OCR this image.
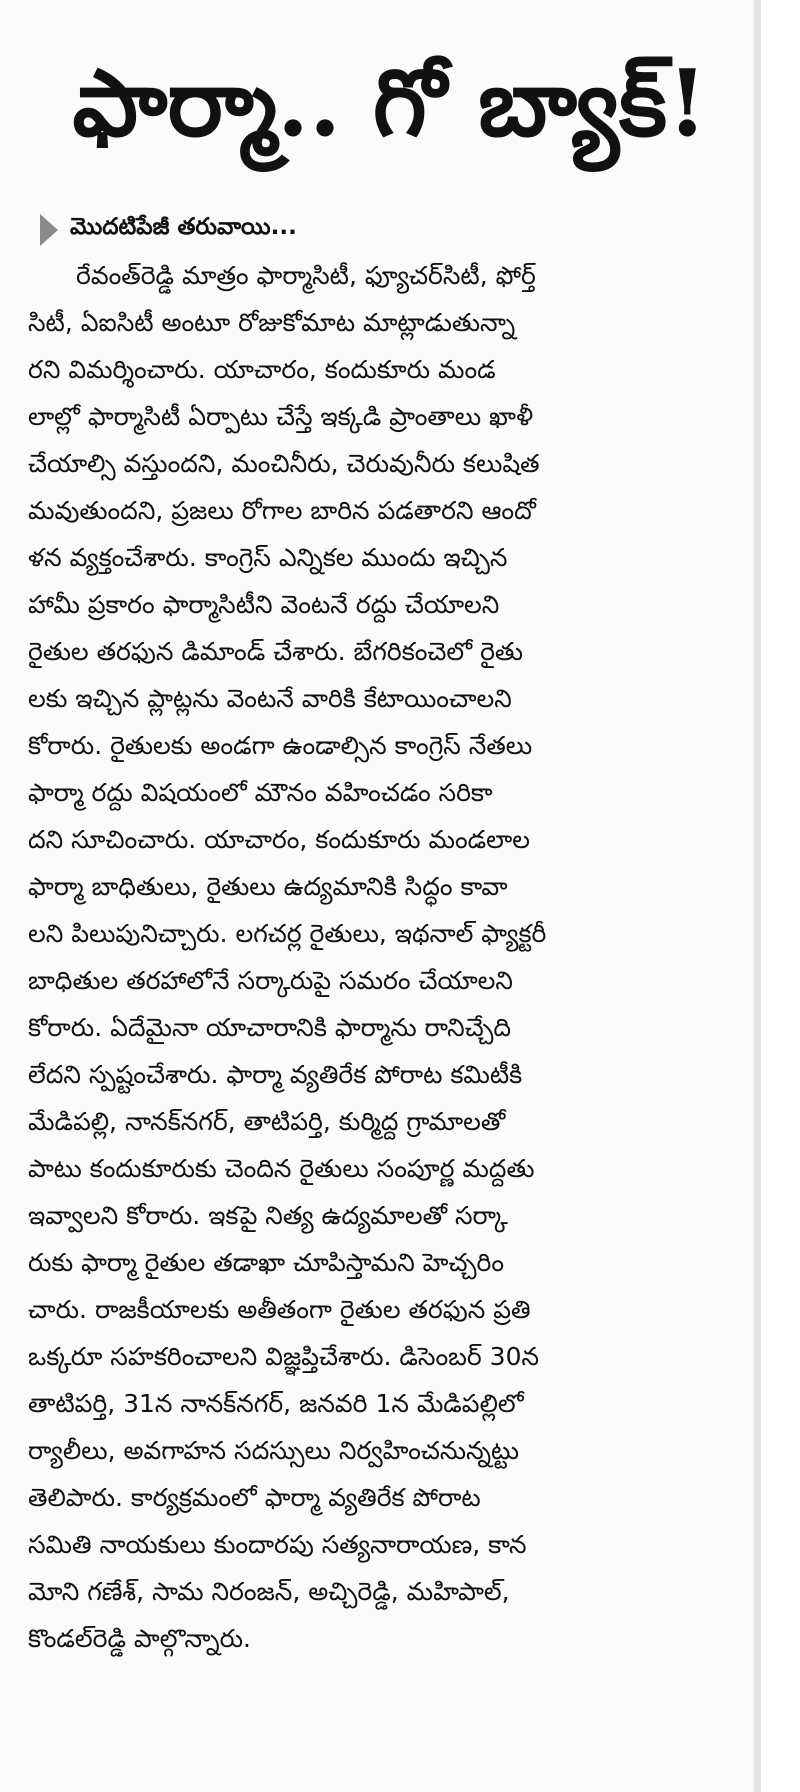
ఫార్మా.. గో బ్యాక్!
మొదటిపేజీ తరువాయి...
రేవంత్‌రెడ్డి మాత్రం ఫార్మాసిటీ, ఫ్యూచర్‌సిటీ, ఫోర్త్
సిటీ, ఏఐసిటీ అంటూ రోజుకోమాట మాట్లాడుతున్నా
రని విమర్శించారు. యాచారం, కందుకూరు మండ
లాల్లో ఫార్మాసిటీ ఏర్పాటు చేస్తే ఇక్కడి ప్రాంతాలు ఖాళీ
చేయాల్సి వస్తుందని, మంచినీరు, చెరువునీరు కలుషిత
మవుతుందని, ప్రజలు రోగాల బారిన పడతారని ఆందో
ళన వ్యక్తంచేశారు. కాంగ్రెస్ ఎన్నికల ముందు ఇచ్చిన
హామీ ప్రకారం ఫార్మాసిటీని వెంటనే రద్దు చేయాలని
రైతుల తరఫున డిమాండ్ చేశారు. బేగరికంచెలో రైతు
లకు ఇచ్చిన ప్లాట్లను వెంటనే వారికి కేటాయించాలని
కోరారు. రైతులకు అండగా ఉండాల్సిన కాంగ్రెస్ నేతలు
ఫార్మా రద్దు విషయంలో మౌనం వహించడం సరికా
దని సూచించారు. యాచారం, కందుకూరు మండలాల
ఫార్మా బాధితులు, రైతులు ఉద్యమానికి సిద్ధం కావా
లని పిలుపునిచ్చారు. లగచర్ల రైతులు, ఇథనాల్ ఫ్యాక్టరీ
బాధితుల తరహాలోనే సర్కారుపై సమరం చేయాలని
కోరారు. ఏదేమైనా యాచారానికి ఫార్మాను రానిచ్చేది
లేదని స్పష్టంచేశారు. ఫార్మా వ్యతిరేక పోరాట కమిటీకి
మేడిపల్లి, నానక్‌నగర్, తాటిపర్తి, కుర్మిద్ద గ్రామాలతో
పాటు కందుకూరుకు చెందిన రైతులు సంపూర్ణ మద్దతు
ఇవ్వాలని కోరారు. ఇకపై నిత్య ఉద్యమాలతో సర్కా
రుకు ఫార్మా రైతుల తడాఖా చూపిస్తామని హెచ్చరిం
చారు. రాజకీయాలకు అతీతంగా రైతుల తరఫున ప్రతి
ఒక్కరూ సహకరించాలని విజ్ఞప్తిచేశారు. డిసెంబర్ 30న
తాటిపర్తి, 31న నానక్‌నగర్, జనవరి 1న మేడిపల్లిలో
ర్యాలీలు, అవగాహన సదస్సులు నిర్వహించనున్నట్టు
తెలిపారు. కార్యక్రమంలో ఫార్మా వ్యతిరేక పోరాట
సమితి నాయకులు కుందారపు సత్యనారాయణ, కాన
మోని గణేశ్, సామ నిరంజన్, అచ్చిరెడ్డి, మహిపాల్,
కొండల్‌రెడ్డి పాల్గొన్నారు.
